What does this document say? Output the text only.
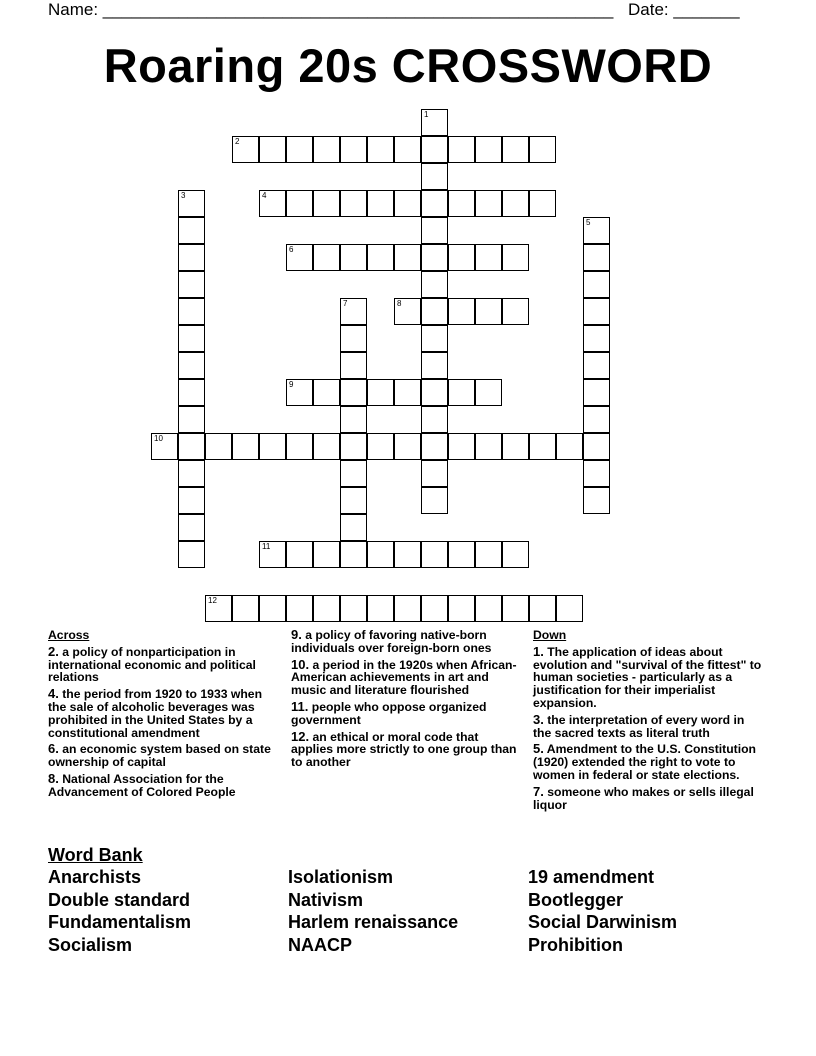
Name: ______________________________________________________ Date: _______
Roaring 20s CROSSWORD
1
2
3	4
5
6
7	8
9
10
11
12
Across
2. a policy of nonparticipation in international economic and political relations
4. the period from 1920 to 1933 when the sale of alcoholic beverages was prohibited in the United States by a constitutional amendment
6. an economic system based on state ownership of capital
8. National Association for the Advancement of Colored People
9. a policy of favoring native-born individuals over foreign-born ones
10. a period in the 1920s when African-American achievements in art and music and literature flourished
11. people who oppose organized government
12. an ethical or moral code that applies more strictly to one group than to another
Down
1. The application of ideas about evolution and "survival of the fittest" to human societies - particularly as a justification for their imperialist expansion.
3. the interpretation of every word in the sacred texts as literal truth
5. Amendment to the U.S. Constitution (1920) extended the right to vote to women in federal or state elections.
7. someone who makes or sells illegal liquor
Word Bank
Anarchists
Double standard
Fundamentalism
Socialism
Isolationism
Nativism
Harlem renaissance
NAACP
19 amendment
Bootlegger
Social Darwinism
Prohibition
